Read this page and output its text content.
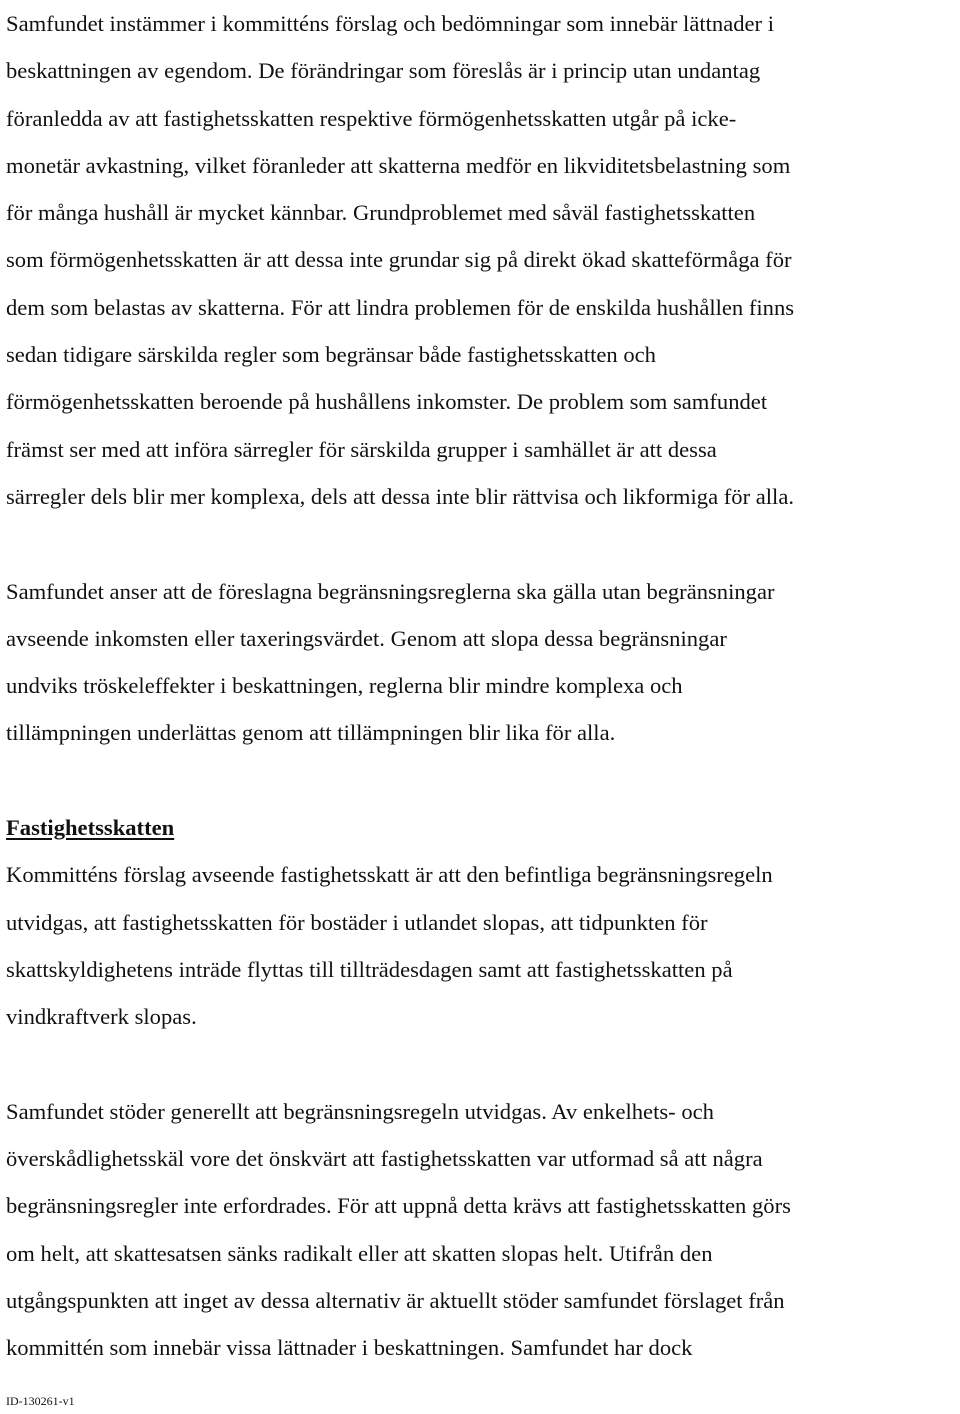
Samfundet instämmer i kommitténs förslag och bedömningar som innebär lättnader i
beskattningen av egendom. De förändringar som föreslås är i princip utan undantag
föranledda av att fastighetsskatten respektive förmögenhetsskatten utgår på icke-
monetär avkastning, vilket föranleder att skatterna medför en likviditetsbelastning som
för många hushåll är mycket kännbar. Grundproblemet med såväl fastighetsskatten
som förmögenhetsskatten är att dessa inte grundar sig på direkt ökad skatteförmåga för
dem som belastas av skatterna. För att lindra problemen för de enskilda hushållen finns
sedan tidigare särskilda regler som begränsar både fastighetsskatten och
förmögenhetsskatten beroende på hushållens inkomster. De problem som samfundet
främst ser med att införa särregler för särskilda grupper i samhället är att dessa
särregler dels blir mer komplexa, dels att dessa inte blir rättvisa och likformiga för alla.

Samfundet anser att de föreslagna begränsningsreglerna ska gälla utan begränsningar
avseende inkomsten eller taxeringsvärdet. Genom att slopa dessa begränsningar
undviks tröskeleffekter i beskattningen, reglerna blir mindre komplexa och
tillämpningen underlättas genom att tillämpningen blir lika för alla.

Fastighetsskatten

Kommitténs förslag avseende fastighetsskatt är att den befintliga begränsningsregeln
utvidgas, att fastighetsskatten för bostäder i utlandet slopas, att tidpunkten för
skattskyldighetens inträde flyttas till tillträdesdagen samt att fastighetsskatten på
vindkraftverk slopas.

Samfundet stöder generellt att begränsningsregeln utvidgas. Av enkelhets- och
överskådlighetsskäl vore det önskvärt att fastighetsskatten var utformad så att några
begränsningsregler inte erfordrades. För att uppnå detta krävs att fastighetsskatten görs
om helt, att skattesatsen sänks radikalt eller att skatten slopas helt. Utifrån den
utgångspunkten att inget av dessa alternativ är aktuellt stöder samfundet förslaget från
kommittén som innebär vissa lättnader i beskattningen. Samfundet har dock

ID-130261-v1
